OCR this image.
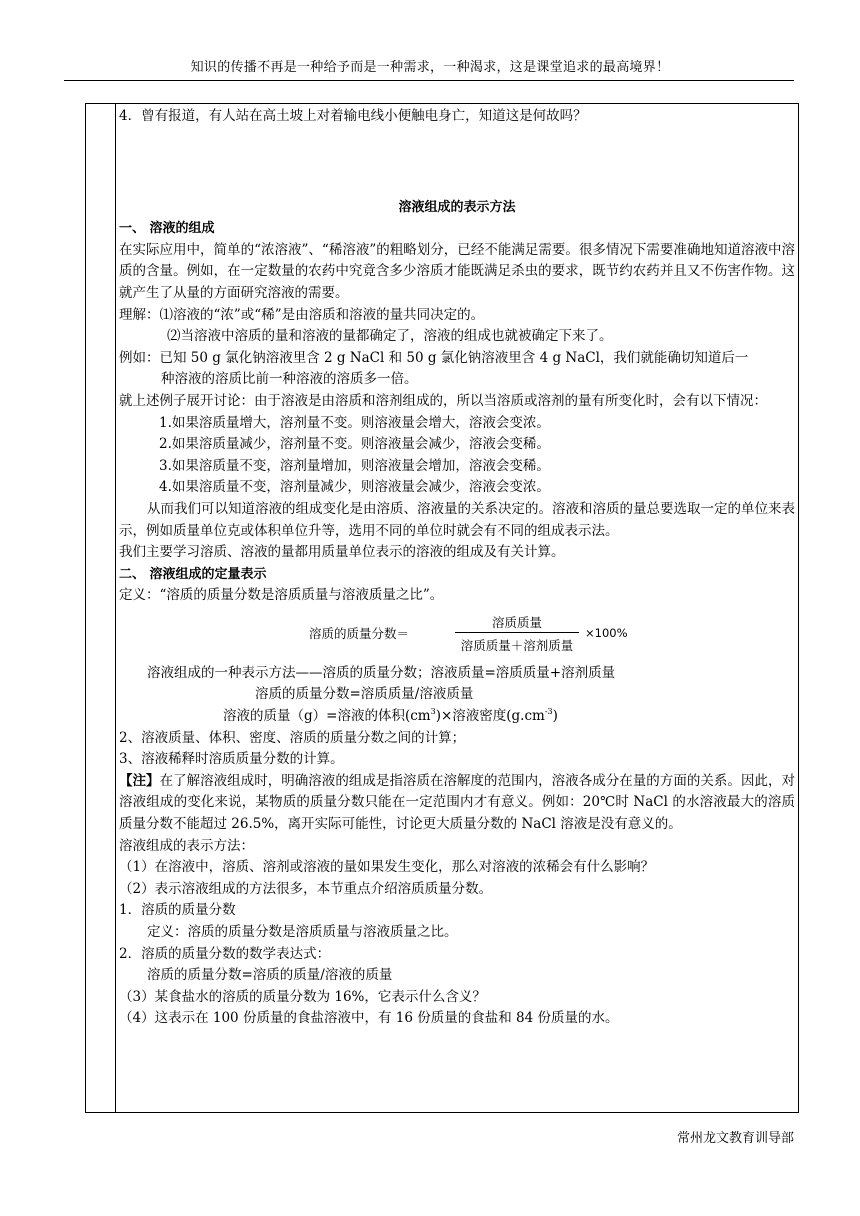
知识的传播不再是一种给予而是一种需求，一种渴求，这是课堂追求的最高境界！

4．曾有报道，有人站在高土坡上对着输电线小便触电身亡，知道这是何故吗？

溶液组成的表示方法

一、 溶液的组成

在实际应用中，简单的“浓溶液”、“稀溶液”的粗略划分，已经不能满足需要。很多情况下需要准确地知道溶液中溶质的含量。例如，在一定数量的农药中究竟含多少溶质才能既满足杀虫的要求，既节约农药并且又不伤害作物。这就产生了从量的方面研究溶液的需要。

理解：⑴溶液的“浓”或“稀”是由溶质和溶液的量共同决定的。

⑵当溶液中溶质的量和溶液的量都确定了，溶液的组成也就被确定下来了。

例如：已知 50 g 氯化钠溶液里含 2 g NaCl 和 50 g 氯化钠溶液里含 4 g NaCl，我们就能确切知道后一

种溶液的溶质比前一种溶液的溶质多一倍。

就上述例子展开讨论：由于溶液是由溶质和溶剂组成的，所以当溶质或溶剂的量有所变化时，会有以下情况：

1.如果溶质量增大，溶剂量不变。则溶液量会增大，溶液会变浓。

2.如果溶质量减少，溶剂量不变。则溶液量会减少，溶液会变稀。

3.如果溶质量不变，溶剂量增加，则溶液量会增加，溶液会变稀。

4.如果溶质量不变，溶剂量减少，则溶液量会减少，溶液会变浓。

从而我们可以知道溶液的组成变化是由溶质、溶液量的关系决定的。溶液和溶质的量总要选取一定的单位来表示，例如质量单位克或体积单位升等，选用不同的单位时就会有不同的组成表示法。

我们主要学习溶质、溶液的量都用质量单位表示的溶液的组成及有关计算。

二、 溶液组成的定量表示

定义：“溶质的质量分数是溶质质量与溶液质量之比”。

溶质的质量分数＝
溶质质量
溶质质量＋溶剂质量
×100%

溶液组成的一种表示方法——溶质的质量分数；溶液质量=溶质质量+溶剂质量

溶质的质量分数=溶质质量/溶液质量

溶液的质量（g）=溶液的体积$(cm^3)\times$溶液密度$(g.cm^{-3})$

2、溶液质量、体积、密度、溶质的质量分数之间的计算；

3、溶液稀释时溶质质量分数的计算。

【注】在了解溶液组成时，明确溶液的组成是指溶质在溶解度的范围内，溶液各成分在量的方面的关系。因此，对溶液组成的变化来说，某物质的质量分数只能在一定范围内才有意义。例如：20℃时 NaCl 的水溶液最大的溶质质量分数不能超过 26.5%，离开实际可能性，讨论更大质量分数的 NaCl 溶液是没有意义的。

溶液组成的表示方法：

（1）在溶液中，溶质、溶剂或溶液的量如果发生变化，那么对溶液的浓稀会有什么影响？

（2）表示溶液组成的方法很多，本节重点介绍溶质质量分数。

1．溶质的质量分数

定义：溶质的质量分数是溶质质量与溶液质量之比。

2．溶质的质量分数的数学表达式：

溶质的质量分数=溶质的质量/溶液的质量

（3）某食盐水的溶质的质量分数为 16%，它表示什么含义？

（4）这表示在 100 份质量的食盐溶液中，有 16 份质量的食盐和 84 份质量的水。

常州龙文教育训导部
